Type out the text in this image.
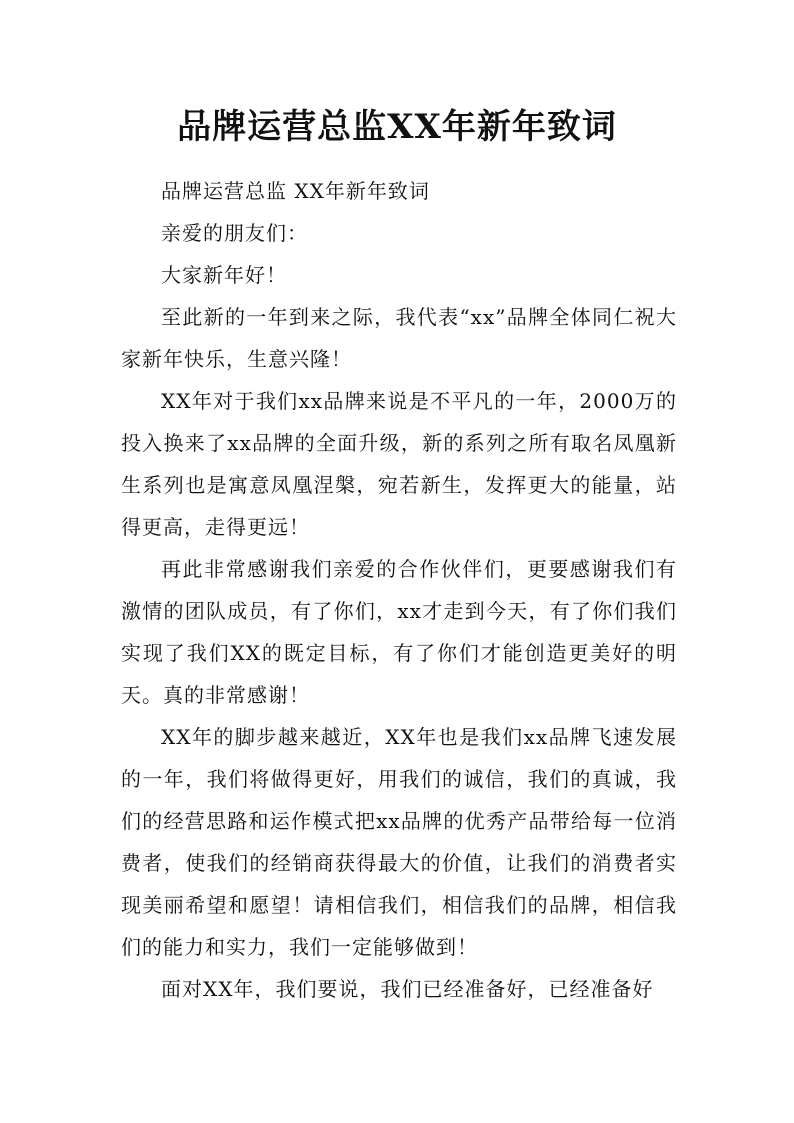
品牌运营总监XX年新年致词

品牌运营总监 XX年新年致词

亲爱的朋友们：

大家新年好！

至此新的一年到来之际，我代表“xx”品牌全体同仁祝大家新年快乐，生意兴隆！

XX年对于我们xx品牌来说是不平凡的一年，2000万的投入换来了xx品牌的全面升级，新的系列之所有取名凤凰新生系列也是寓意凤凰涅槃，宛若新生，发挥更大的能量，站得更高，走得更远！

再此非常感谢我们亲爱的合作伙伴们，更要感谢我们有激情的团队成员，有了你们，xx才走到今天，有了你们我们实现了我们XX的既定目标，有了你们才能创造更美好的明天。真的非常感谢！

XX年的脚步越来越近，XX年也是我们xx品牌飞速发展的一年，我们将做得更好，用我们的诚信，我们的真诚，我们的经营思路和运作模式把xx品牌的优秀产品带给每一位消费者，使我们的经销商获得最大的价值，让我们的消费者实现美丽希望和愿望！请相信我们，相信我们的品牌，相信我们的能力和实力，我们一定能够做到！

面对XX年，我们要说，我们已经准备好，已经准备好
